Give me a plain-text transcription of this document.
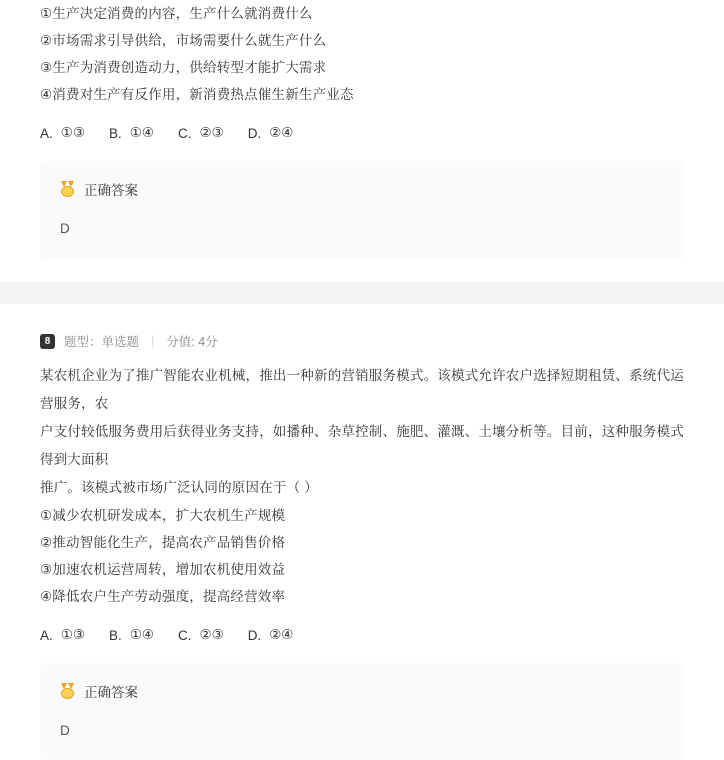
①生产决定消费的内容，生产什么就消费什么
②市场需求引导供给，市场需要什么就生产什么
③生产为消费创造动力，供给转型才能扩大需求
④消费对生产有反作用，新消费热点催生新生产业态
A. ①③ B. ①④ C. ②③ D. ②④
正确答案
D
8	题型：单选题 | 分值: 4分
某农机企业为了推广智能农业机械，推出一种新的营销服务模式。该模式允许农户选择短期租赁、系统代运营服务，农
户支付较低服务费用后获得业务支持，如播种、杂草控制、施肥、灌溉、土壤分析等。目前，这种服务模式得到大面积
推广。该模式被市场广泛认同的原因在于（ ）
①减少农机研发成本，扩大农机生产规模
②推动智能化生产，提高农产品销售价格
③加速农机运营周转，增加农机使用效益
④降低农户生产劳动强度，提高经营效率
A. ①③ B. ①④ C. ②③ D. ②④
正确答案
D
